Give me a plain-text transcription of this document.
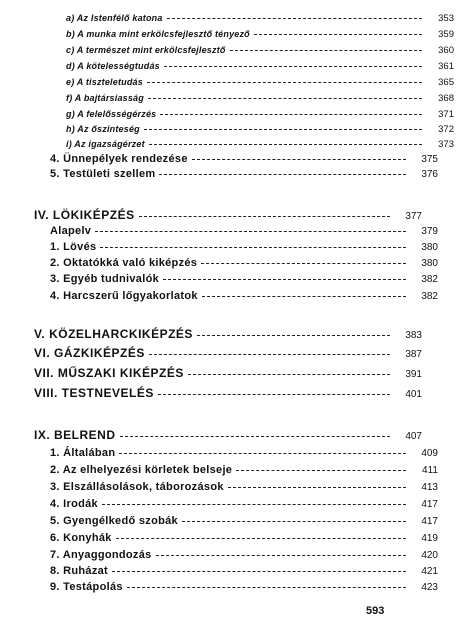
a) Az Istenfélő katona	353
b) A munka mint erkölcsfejlesztő tényező	359
c) A természet mint erkölcsfejlesztő	360
d) A kötelességtudás	361
e) A tiszteletudás	365
f) A bajtársiasság	368
g) A felelősségérzés	371
h) Az őszinteség	372
i) Az igazságérzet	373
4. Ünnepélyek rendezése	375
5. Testületi szellem	376
IV. LÖKIKÉPZÉS	377
Alapelv	379
1. Lövés	380
2. Oktatókká való kiképzés	380
3. Egyéb tudnivalók	382
4. Harcszerű lőgyakorlatok	382
V. KÖZELHARCKIKÉPZÉS	383
VI. GÁZKIKÉPZÉS	387
VII. MŰSZAKI KIKÉPZÉS	391
VIII. TESTNEVELÉS	401
IX. BELREND	407
1. Általában	409
2. Az elhelyezési körletek belseje	411
3. Elszállásolások, táborozások	413
4. Irodák	417
5. Gyengélkedő szobák	417
6. Konyhák	419
7. Anyaggondozás	420
8. Ruházat	421
9. Testápolás	423
593
